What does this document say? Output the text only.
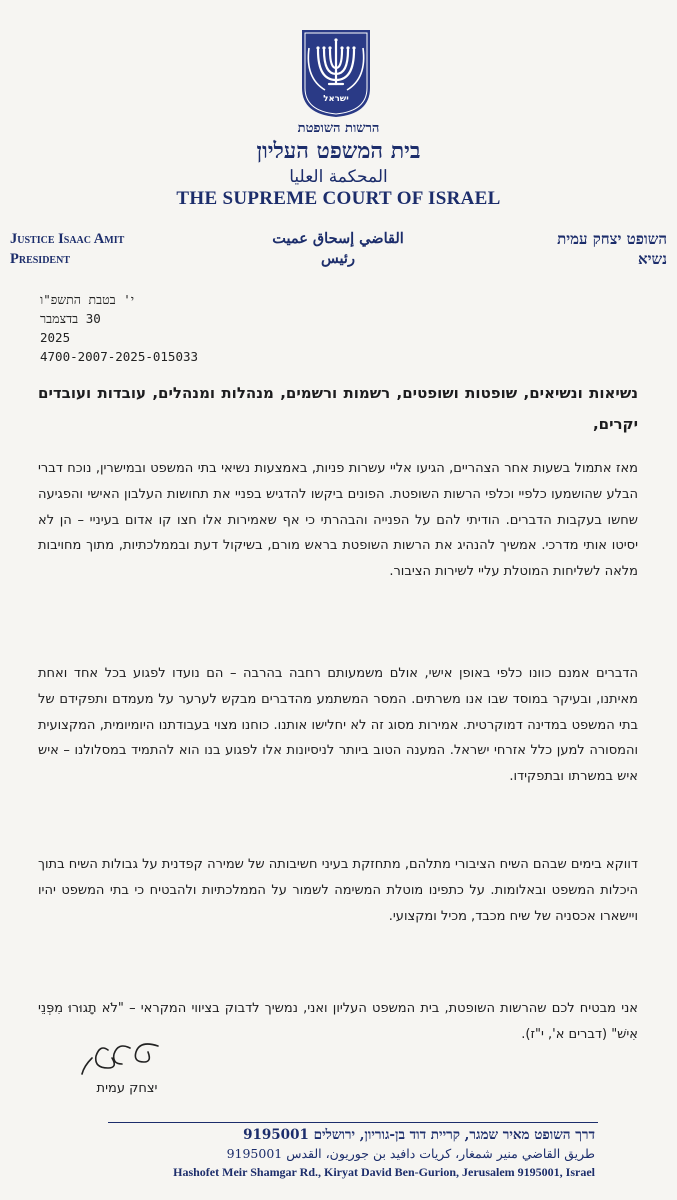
ישראל
הרשות השופטת
בית המשפט העליון
المحكمة العليا
THE SUPREME COURT OF ISRAEL
Justice Isaac Amit
President
القاضي إسحاق عميت
رئيس
השופט יצחק עמית
נשיא
י' בטבת התשפ"ו
30 בדצמבר
2025
4700-2007-2025-015033
נשיאות ונשיאים, שופטות ושופטים, רשמות ורשמים, מנהלות ומנהלים, עובדות ועובדים יקרים,
מאז אתמול בשעות אחר הצהריים, הגיעו אליי עשרות פניות, באמצעות נשיאי בתי המשפט ובמישרין, נוכח דברי הבלע שהושמעו כלפיי וכלפי הרשות השופטת. הפונים ביקשו להדגיש בפניי את תחושות העלבון האישי והפגיעה שחשו בעקבות הדברים. הודיתי להם על הפנייה והבהרתי כי אף שאמירות אלו חצו קו אדום בעיניי – הן לא יסיטו אותי מדרכי. אמשיך להנהיג את הרשות השופטת בראש מורם, בשיקול דעת ובממלכתיות, מתוך מחויבות מלאה לשליחות המוטלת עליי לשירות הציבור.
הדברים אמנם כוונו כלפי באופן אישי, אולם משמעותם רחבה בהרבה – הם נועדו לפגוע בכל אחד ואחת מאיתנו, ובעיקר במוסד שבו אנו משרתים. המסר המשתמע מהדברים מבקש לערער על מעמדם ותפקידם של בתי המשפט במדינה דמוקרטית. אמירות מסוג זה לא יחלישו אותנו. כוחנו מצוי בעבודתנו היומיומית, המקצועית והמסורה למען כלל אזרחי ישראל. המענה הטוב ביותר לניסיונות אלו לפגוע בנו הוא להתמיד במסלולנו – איש איש במשרתו ובתפקידו.
דווקא בימים שבהם השיח הציבורי מתלהם, מתחזקת בעיני חשיבותה של שמירה קפדנית על גבולות השיח בתוך היכלות המשפט ובאלומות. על כתפינו מוטלת המשימה לשמור על הממלכתיות ולהבטיח כי בתי המשפט יהיו ויישארו אכסניה של שיח מכבד, מכיל ומקצועי.
אני מבטיח לכם שהרשות השופטת, בית המשפט העליון ואני, נמשיך לדבוק בציווי המקראי – "לֹא תָגוּרוּ מִפְּנֵי אִישׁ" (דברים א', י"ז).
יצחק עמית
דרך השופט מאיר שמגר, קריית דוד בן-גוריון, ירושלים 9195001
طريق القاضي منير شمغار، كريات دافيد بن جوريون، القدس 9195001
Hashofet Meir Shamgar Rd., Kiryat David Ben-Gurion, Jerusalem 9195001, Israel
